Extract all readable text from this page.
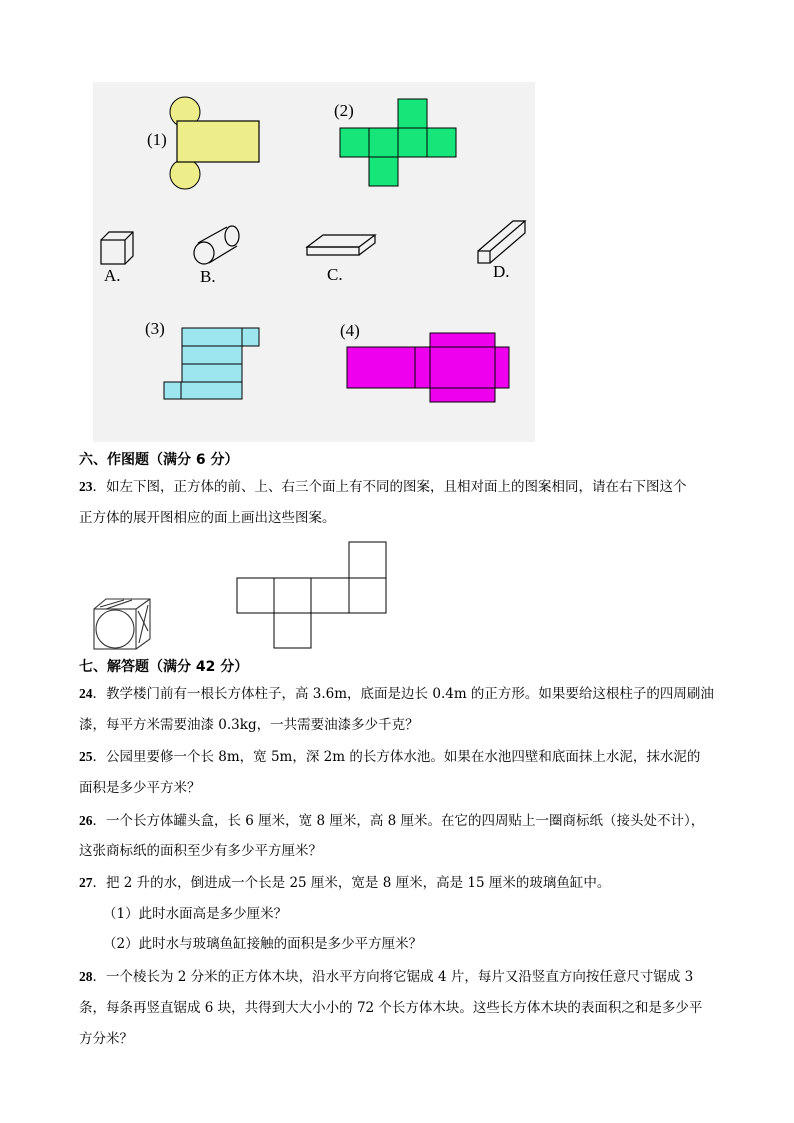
(1)
(2)
A.	B.	C.	D.
(3)	(4)
六、作图题（满分 6 分）
23．如左下图，正方体的前、上、右三个面上有不同的图案，且相对面上的图案相同，请在右下图这个
正方体的展开图相应的面上画出这些图案。
七、解答题（满分 42 分）
24．教学楼门前有一根长方体柱子，高 3.6m，底面是边长 0.4m 的正方形。如果要给这根柱子的四周刷油
漆，每平方米需要油漆 0.3kg，一共需要油漆多少千克？
25．公园里要修一个长 8m，宽 5m，深 2m 的长方体水池。如果在水池四壁和底面抹上水泥，抹水泥的
面积是多少平方米？
26．一个长方体罐头盒，长 6 厘米，宽 8 厘米，高 8 厘米。在它的四周贴上一圈商标纸（接头处不计），
这张商标纸的面积至少有多少平方厘米？
27．把 2 升的水，倒进成一个长是 25 厘米，宽是 8 厘米，高是 15 厘米的玻璃鱼缸中。
（1）此时水面高是多少厘米？
（2）此时水与玻璃鱼缸接触的面积是多少平方厘米？
28．一个棱长为 2 分米的正方体木块，沿水平方向将它锯成 4 片，每片又沿竖直方向按任意尺寸锯成 3
条，每条再竖直锯成 6 块，共得到大大小小的 72 个长方体木块。这些长方体木块的表面积之和是多少平
方分米？
